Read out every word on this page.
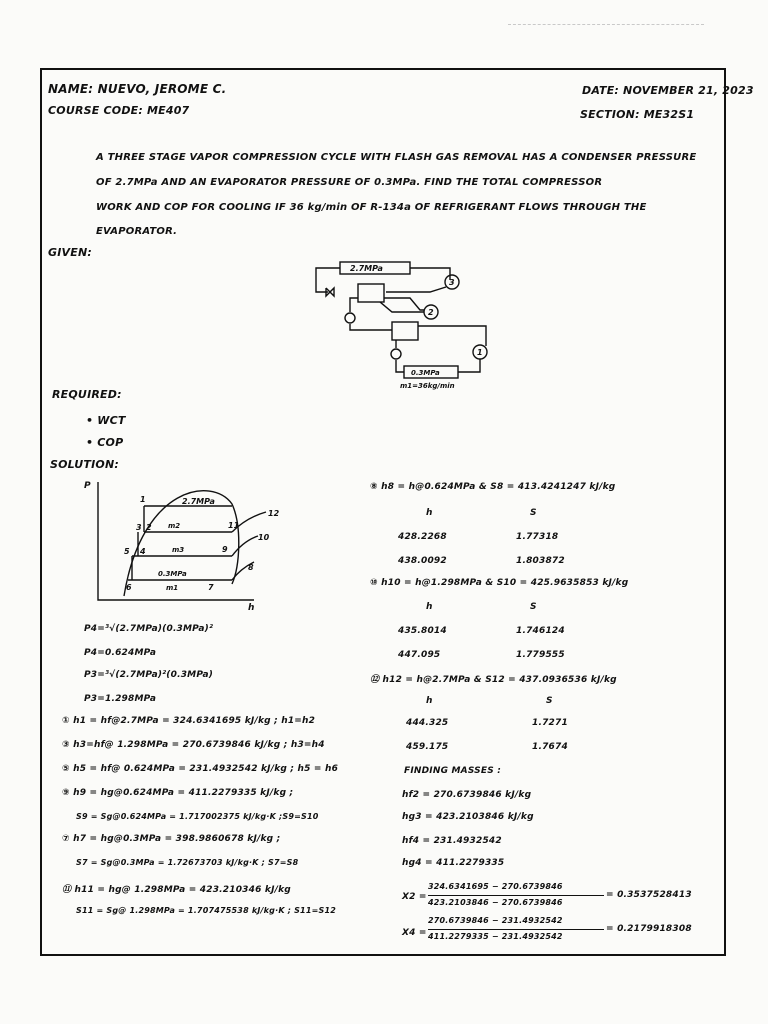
NAME: NUEVO, JEROME C.
COURSE CODE: ME407
DATE: NOVEMBER 21, 2023
SECTION: ME32S1
A THREE STAGE VAPOR COMPRESSION CYCLE WITH FLASH GAS REMOVAL HAS A CONDENSER PRESSURE
OF 2.7MPa AND AN EVAPORATOR PRESSURE OF 0.3MPa. FIND THE TOTAL COMPRESSOR
WORK AND COP FOR COOLING IF 36 kg/min OF R-134a OF REFRIGERANT FLOWS THROUGH THE
EVAPORATOR.
GIVEN:
2.7MPa
3
2
1
0.3MPa
m1=36kg/min
REQUIRED:
• WCT
• COP
SOLUTION:
P
h
2.7MPa
m2
m3
0.3MPa
m1
1
2
3
4
5
6	7
8
9
10
11
12
P4=³√(2.7MPa)(0.3MPa)²
P4=0.624MPa
P3=³√(2.7MPa)²(0.3MPa)
P3=1.298MPa
① h1 = hf@2.7MPa = 324.6341695 kJ/kg ; h1=h2
③ h3=hf@ 1.298MPa = 270.6739846 kJ/kg ; h3=h4
⑤ h5 = hf@ 0.624MPa = 231.4932542 kJ/kg ; h5 = h6
⑨ h9 = hg@0.624MPa = 411.2279335 kJ/kg ;
S9 = Sg@0.624MPa = 1.717002375 kJ/kg·K ;S9=S10
⑦ h7 = hg@0.3MPa = 398.9860678 kJ/kg ;
S7 = Sg@0.3MPa = 1.72673703 kJ/kg·K ; S7=S8
⑪ h11 = hg@ 1.298MPa = 423.210346 kJ/kg
S11 = Sg@ 1.298MPa = 1.707475538 kJ/kg·K ; S11=S12
⑧ h8 = h@0.624MPa & S8 = 413.4241247 kJ/kg
h	S
428.2268	1.77318
438.0092	1.803872
⑩ h10 = h@1.298MPa & S10 = 425.9635853 kJ/kg
h	S
435.8014	1.746124
447.095	1.779555
⑫ h12 = h@2.7MPa & S12 = 437.0936536 kJ/kg
h	S
444.325	1.7271
459.175	1.7674
FINDING MASSES :
hf2 = 270.6739846 kJ/kg
hg3 = 423.2103846 kJ/kg
hf4 = 231.4932542
hg4 = 411.2279335
X2 =
324.6341695 − 270.6739846
423.2103846 − 270.6739846
= 0.3537528413
X4 =
270.6739846 − 231.4932542
411.2279335 − 231.4932542
= 0.2179918308
